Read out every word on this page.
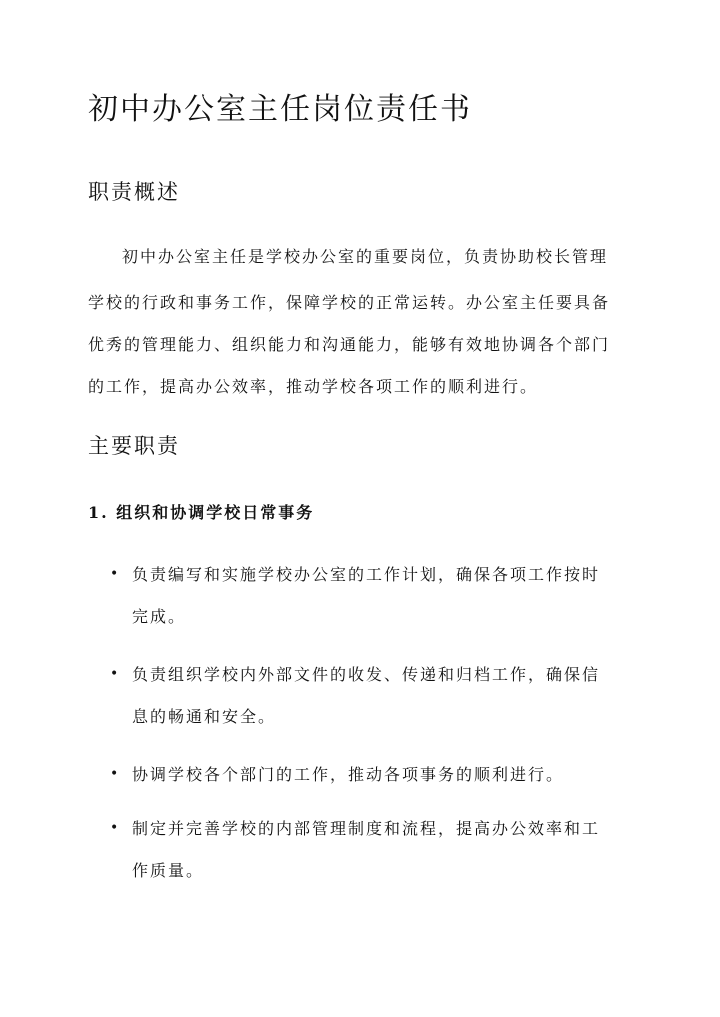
初中办公室主任岗位责任书
职责概述
初中办公室主任是学校办公室的重要岗位，负责协助校长管理
学校的行政和事务工作，保障学校的正常运转。办公室主任要具备
优秀的管理能力、组织能力和沟通能力，能够有效地协调各个部门
的工作，提高办公效率，推动学校各项工作的顺利进行。
主要职责
1. 组织和协调学校日常事务
• 负责编写和实施学校办公室的工作计划，确保各项工作按时
完成。
• 负责组织学校内外部文件的收发、传递和归档工作，确保信
息的畅通和安全。
• 协调学校各个部门的工作，推动各项事务的顺利进行。
• 制定并完善学校的内部管理制度和流程，提高办公效率和工
作质量。
